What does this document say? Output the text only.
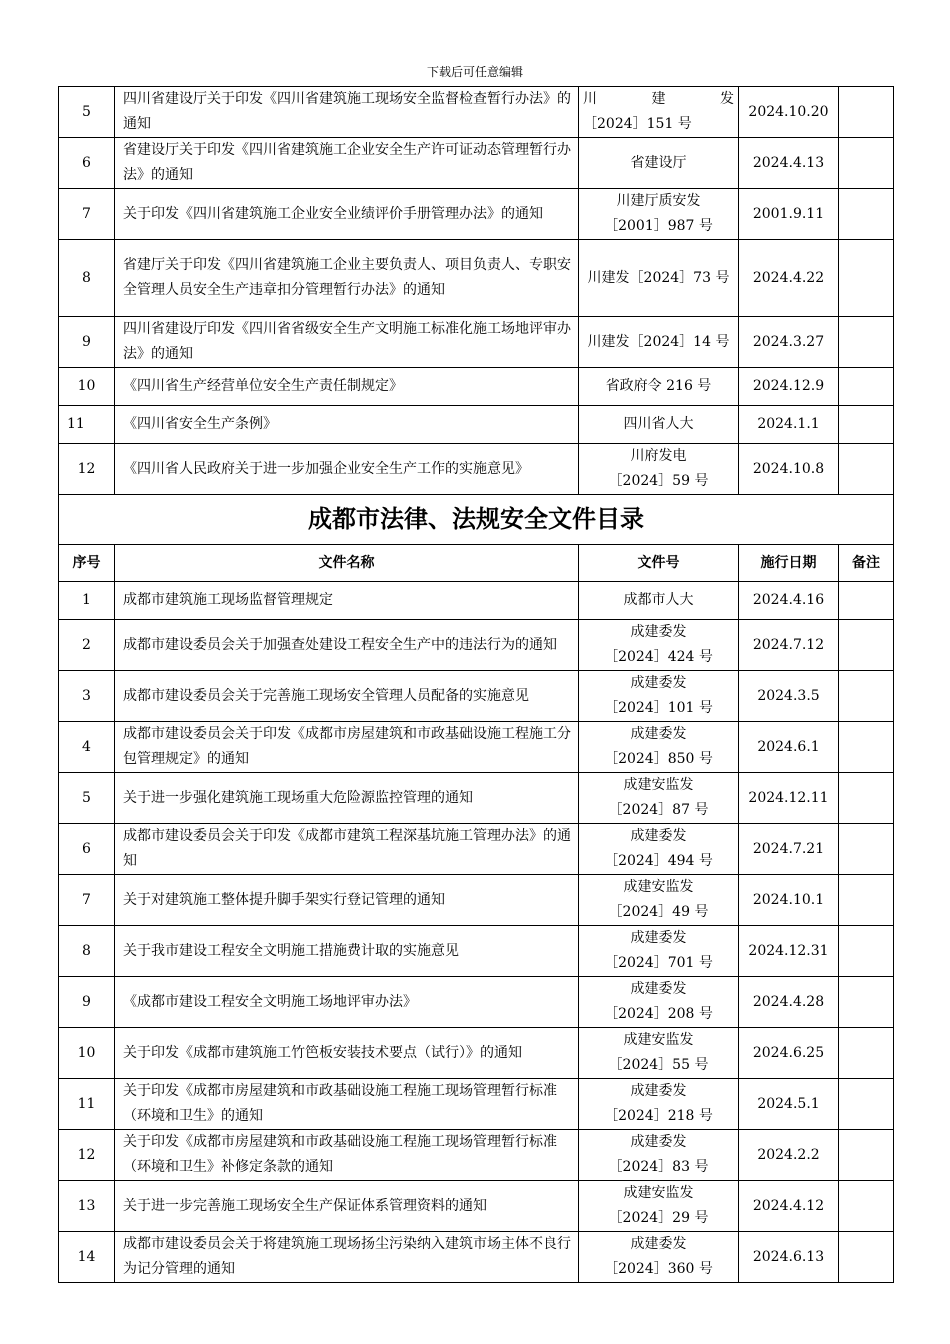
下载后可任意编辑
5	四川省建设厅关于印发《四川省建筑施工现场安全监督检查暂行办法》的通知	川　　建　　发
［2024］151 号	2024.10.20	
6	省建设厅关于印发《四川省建筑施工企业安全生产许可证动态管理暂行办法》的通知	省建设厅	2024.4.13	
7	关于印发《四川省建筑施工企业安全业绩评价手册管理办法》的通知	川建厅质安发
［2001］987 号	2001.9.11	
8	省建厅关于印发《四川省建筑施工企业主要负责人、项目负责人、专职安全管理人员安全生产违章扣分管理暂行办法》的通知	川建发［2024］73 号	2024.4.22	
9	四川省建设厅印发《四川省省级安全生产文明施工标准化施工场地评审办法》的通知	川建发［2024］14 号	2024.3.27	
10	《四川省生产经营单位安全生产责任制规定》	省政府令 216 号	2024.12.9	
11	《四川省安全生产条例》	四川省人大	2024.1.1	
12	《四川省人民政府关于进一步加强企业安全生产工作的实施意见》	川府发电
［2024］59 号	2024.10.8	
成都市法律、法规安全文件目录				
序号	文件名称	文件号	施行日期	备注
1	成都市建筑施工现场监督管理规定	成都市人大	2024.4.16	
2	成都市建设委员会关于加强查处建设工程安全生产中的违法行为的通知	成建委发
［2024］424 号	2024.7.12	
3	成都市建设委员会关于完善施工现场安全管理人员配备的实施意见	成建委发
［2024］101 号	2024.3.5	
4	成都市建设委员会关于印发《成都市房屋建筑和市政基础设施工程施工分包管理规定》的通知	成建委发
［2024］850 号	2024.6.1	
5	关于进一步强化建筑施工现场重大危险源监控管理的通知	成建安监发
［2024］87 号	2024.12.11	
6	成都市建设委员会关于印发《成都市建筑工程深基坑施工管理办法》的通知	成建委发
［2024］494 号	2024.7.21	
7	关于对建筑施工整体提升脚手架实行登记管理的通知	成建安监发
［2024］49 号	2024.10.1	
8	关于我市建设工程安全文明施工措施费计取的实施意见	成建委发
［2024］701 号	2024.12.31	
9	《成都市建设工程安全文明施工场地评审办法》	成建委发
［2024］208 号	2024.4.28	
10	关于印发《成都市建筑施工竹笆板安装技术要点（试行）》的通知	成建安监发
［2024］55 号	2024.6.25	
11	关于印发《成都市房屋建筑和市政基础设施工程施工现场管理暂行标准（环境和卫生》的通知	成建委发
［2024］218 号	2024.5.1	
12	关于印发《成都市房屋建筑和市政基础设施工程施工现场管理暂行标准（环境和卫生》补修定条款的通知	成建委发
［2024］83 号	2024.2.2	
13	关于进一步完善施工现场安全生产保证体系管理资料的通知	成建安监发
［2024］29 号	2024.4.12	
14	成都市建设委员会关于将建筑施工现场扬尘污染纳入建筑市场主体不良行为记分管理的通知	成建委发
［2024］360 号	2024.6.13	
